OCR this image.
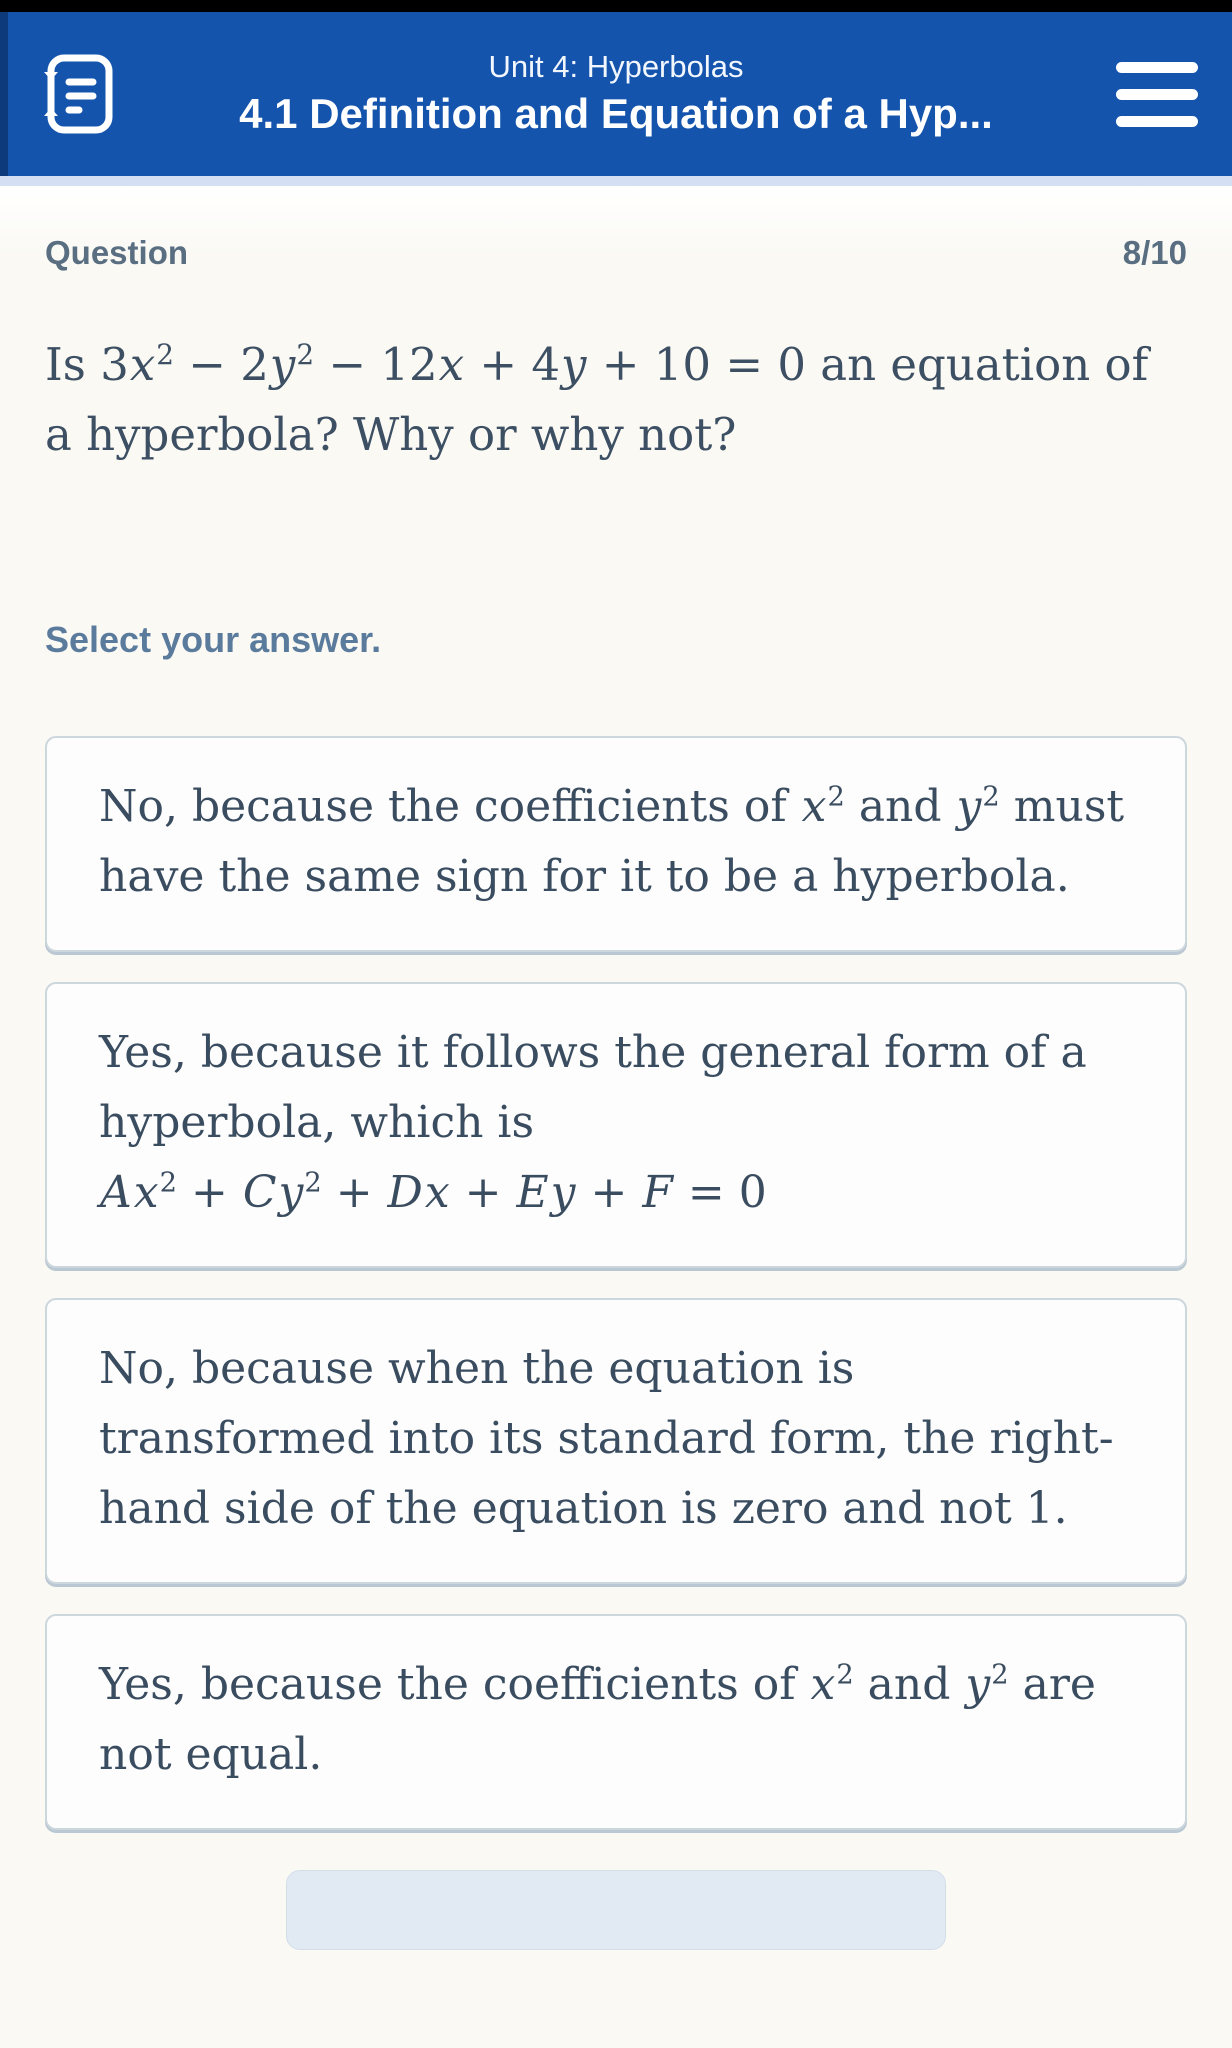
Unit 4: Hyperbolas
4.1 Definition and Equation of a Hyp...
Question	8/10

Is $3x^2 - 2y^2 - 12x + 4y + 10 = 0$ an equation of a hyperbola? Why or why not?

Select your answer.

No, because the coefficients of $x^2$ and $y^2$ must have the same sign for it to be a hyperbola.
Yes, because it follows the general form of a hyperbola, which is $Ax^2 + Cy^2 + Dx + Ey + F = 0$
No, because when the equation is transformed into its standard form, the right-hand side of the equation is zero and not 1.
Yes, because the coefficients of $x^2$ and $y^2$ are not equal.
